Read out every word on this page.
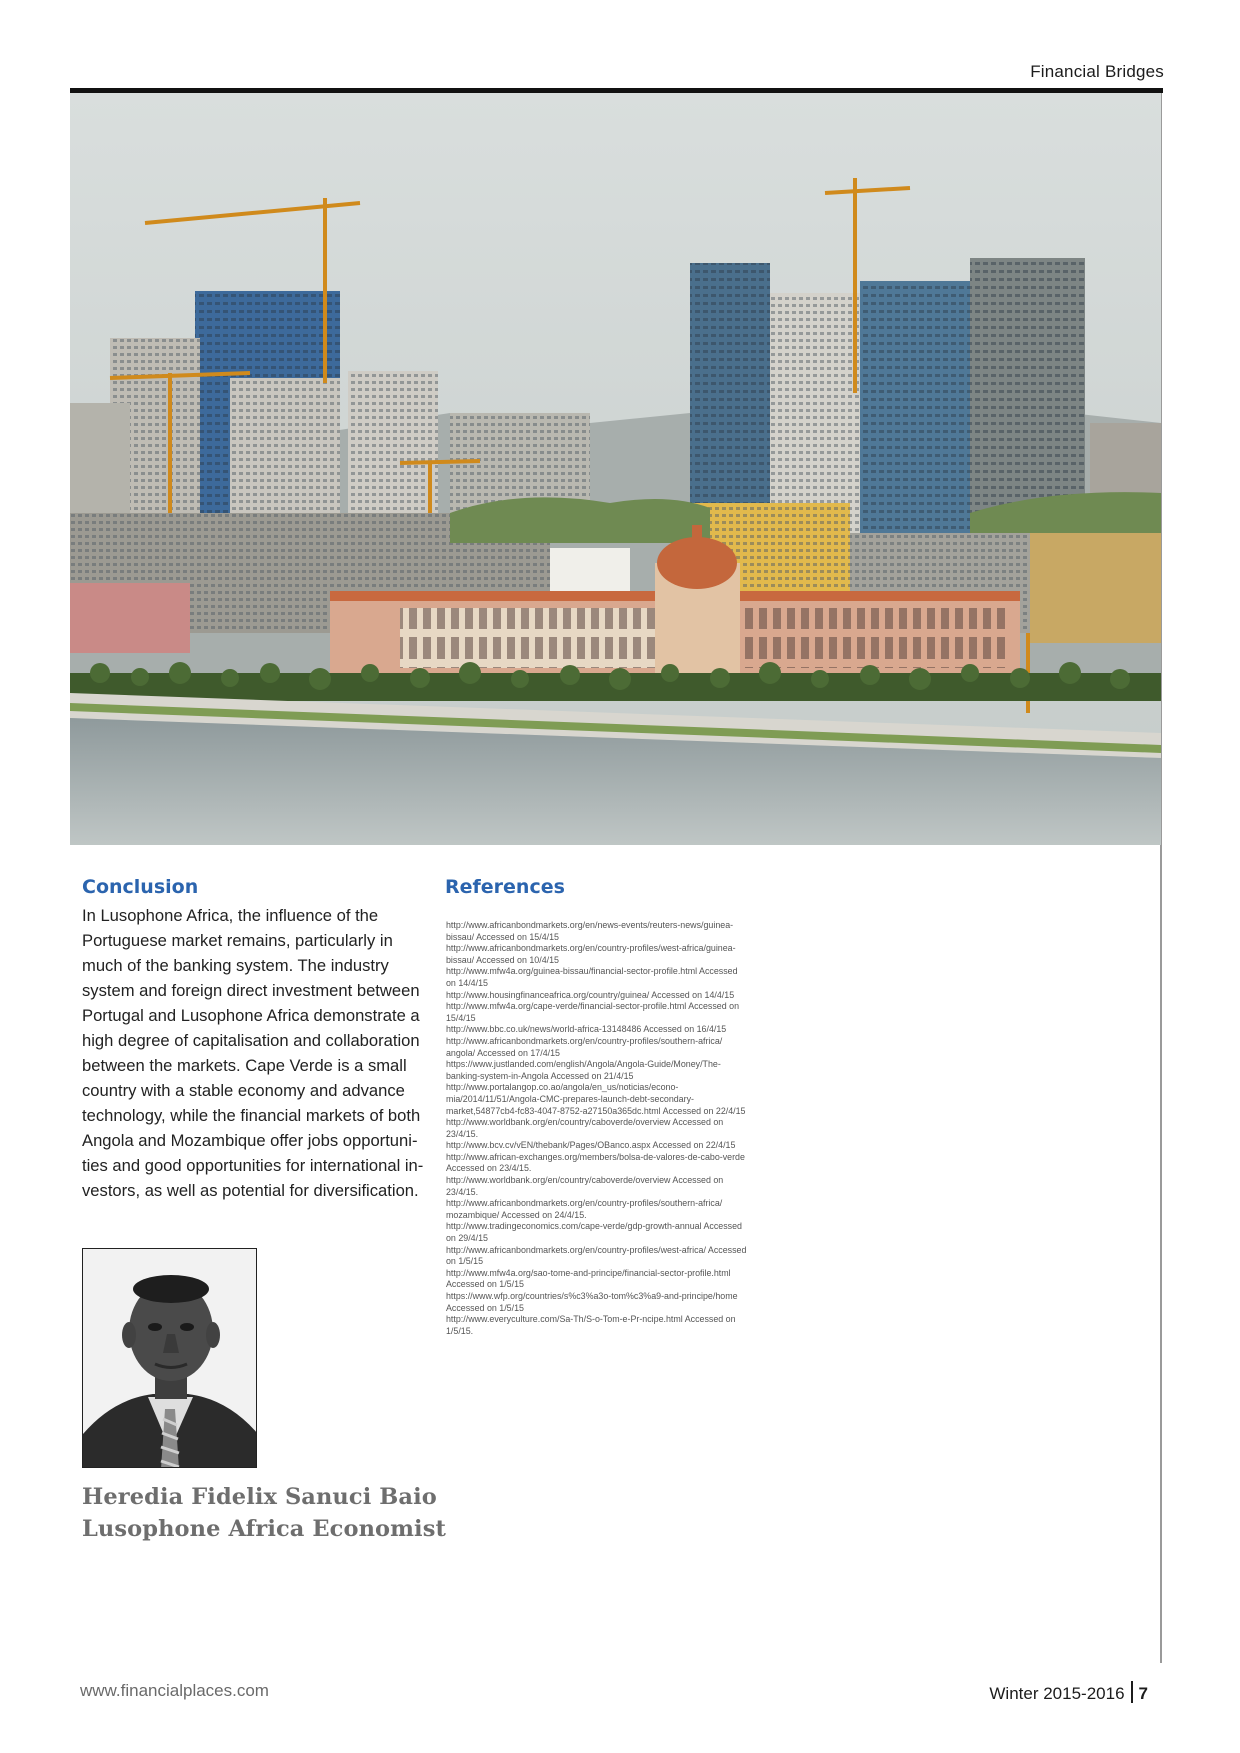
Financial Bridges
Conclusion

In Lusophone Africa, the influence of the
Portuguese market remains, particularly in
much of the banking system. The industry
system and foreign direct investment between
Portugal and Lusophone Africa demonstrate a
high degree of capitalisation and collaboration
between the markets. Cape Verde is a small
country with a stable economy and advance
technology, while the financial markets of both
Angola and Mozambique offer jobs opportuni-
ties and good opportunities for international in-
vestors, as well as potential for diversification.

References
http://www.africanbondmarkets.org/en/news-events/reuters-news/guinea-
bissau/ Accessed on 15/4/15
http://www.africanbondmarkets.org/en/country-profiles/west-africa/guinea-
bissau/ Accessed on 10/4/15
http://www.mfw4a.org/guinea-bissau/financial-sector-profile.html Accessed
on 14/4/15
http://www.housingfinanceafrica.org/country/guinea/ Accessed on 14/4/15
http://www.mfw4a.org/cape-verde/financial-sector-profile.html Accessed on
15/4/15
http://www.bbc.co.uk/news/world-africa-13148486 Accessed on 16/4/15
http://www.africanbondmarkets.org/en/country-profiles/southern-africa/
angola/ Accessed on 17/4/15
https://www.justlanded.com/english/Angola/Angola-Guide/Money/The-
banking-system-in-Angola Accessed on 21/4/15
http://www.portalangop.co.ao/angola/en_us/noticias/econo-
mia/2014/11/51/Angola-CMC-prepares-launch-debt-secondary-
market,54877cb4-fc83-4047-8752-a27150a365dc.html Accessed on 22/4/15
http://www.worldbank.org/en/country/caboverde/overview Accessed on
23/4/15.
http://www.bcv.cv/vEN/thebank/Pages/OBanco.aspx Accessed on 22/4/15
http://www.african-exchanges.org/members/bolsa-de-valores-de-cabo-verde
Accessed on 23/4/15.
http://www.worldbank.org/en/country/caboverde/overview Accessed on
23/4/15.
http://www.africanbondmarkets.org/en/country-profiles/southern-africa/
mozambique/ Accessed on 24/4/15.
http://www.tradingeconomics.com/cape-verde/gdp-growth-annual Accessed
on 29/4/15
http://www.africanbondmarkets.org/en/country-profiles/west-africa/ Accessed
on 1/5/15
http://www.mfw4a.org/sao-tome-and-principe/financial-sector-profile.html
Accessed on 1/5/15
https://www.wfp.org/countries/s%c3%a3o-tom%c3%a9-and-principe/home
Accessed on 1/5/15
http://www.everyculture.com/Sa-Th/S-o-Tom-e-Pr-ncipe.html Accessed on
1/5/15.

Heredia Fidelix Sanuci Baio

Lusophone Africa Economist

www.financialplaces.com	Winter 2015-2016 7
